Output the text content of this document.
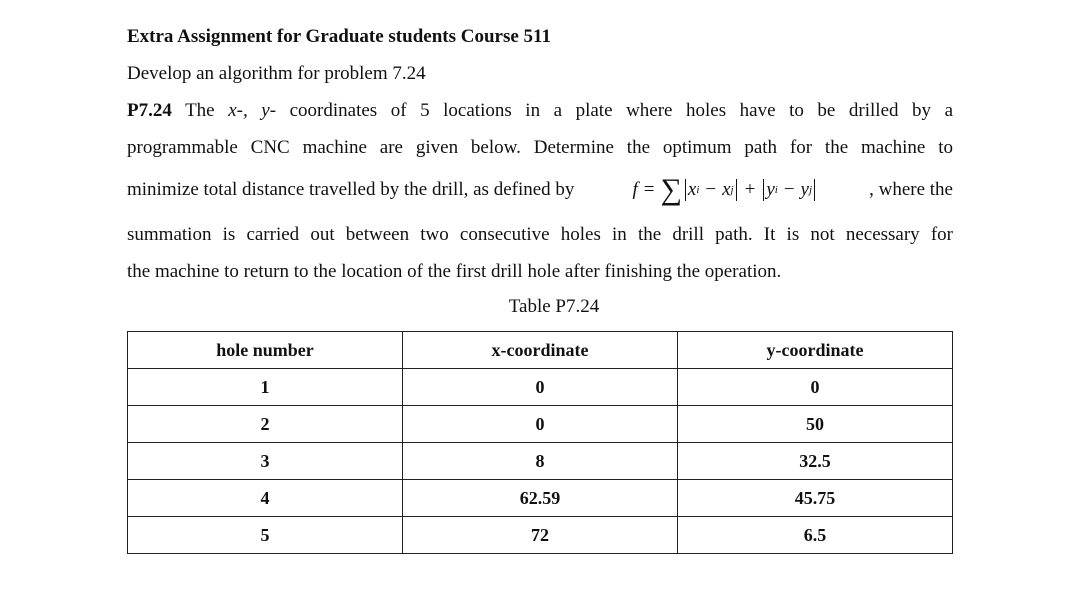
Extra Assignment for Graduate students Course 511
Develop an algorithm for problem 7.24
P7.24 The x-, y- coordinates of 5 locations in a plate where holes have to be drilled by a
programmable CNC machine are given below. Determine the optimum path for the machine to
minimize total distance travelled by the drill, as defined by	f = ∑ x i − x j + y i − y j	, where the
summation is carried out between two consecutive holes in the drill path. It is not necessary for
the machine to return to the location of the first drill hole after finishing the operation.
Table P7.24
hole number	x-coordinate	y-coordinate
1	0	0
2	0	50
3	8	32.5
4	62.59	45.75
5	72	6.5
